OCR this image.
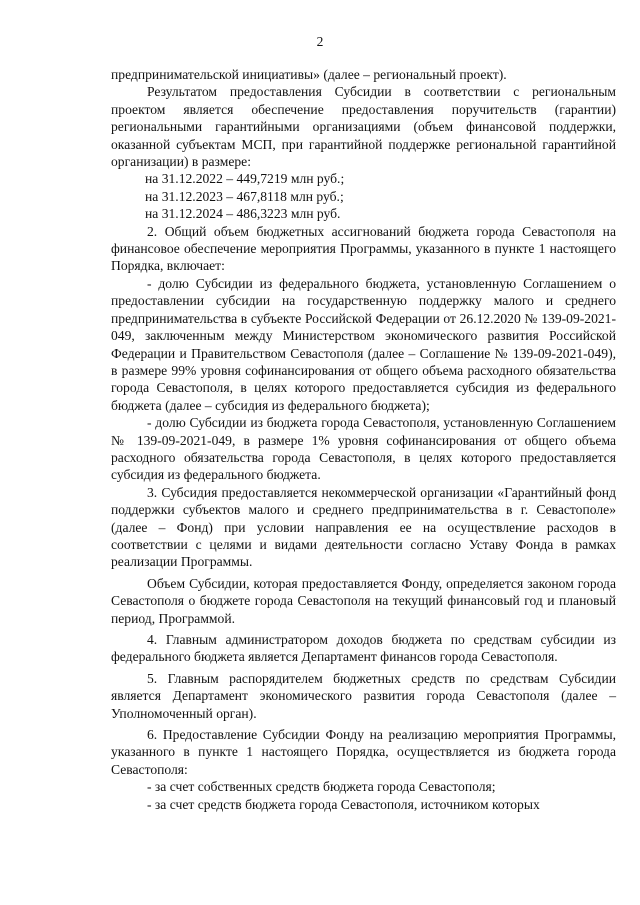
2

предпринимательской инициативы» (далее – региональный проект).

Результатом предоставления Субсидии в соответствии с региональным проектом является обеспечение предоставления поручительств (гарантии) региональными гарантийными организациями (объем финансовой поддержки, оказанной субъектам МСП, при гарантийной поддержке региональной гарантийной организации) в размере:

на 31.12.2022 – 449,7219 млн руб.;

на 31.12.2023 – 467,8118 млн руб.;

на 31.12.2024 – 486,3223 млн руб.

2. Общий объем бюджетных ассигнований бюджета города Севастополя на финансовое обеспечение мероприятия Программы, указанного в пункте 1 настоящего Порядка, включает:

- долю Субсидии из федерального бюджета, установленную Соглашением о предоставлении субсидии на государственную поддержку малого и среднего предпринимательства в субъекте Российской Федерации от 26.12.2020 № 139-09-2021-049, заключенным между Министерством экономического развития Российской Федерации и Правительством Севастополя (далее – Соглашение № 139-09-2021-049), в размере 99% уровня софинансирования от общего объема расходного обязательства города Севастополя, в целях которого предоставляется субсидия из федерального бюджета (далее – субсидия из федерального бюджета);

- долю Субсидии из бюджета города Севастополя, установленную Соглашением № 139-09-2021-049, в размере 1% уровня софинансирования от общего объема расходного обязательства города Севастополя, в целях которого предоставляется субсидия из федерального бюджета.

3. Субсидия предоставляется некоммерческой организации «Гарантийный фонд поддержки субъектов малого и среднего предпринимательства в г. Севастополе» (далее – Фонд) при условии направления ее на осуществление расходов в соответствии с целями и видами деятельности согласно Уставу Фонда в рамках реализации Программы.

Объем Субсидии, которая предоставляется Фонду, определяется законом города Севастополя о бюджете города Севастополя на текущий финансовый год и плановый период, Программой.

4. Главным администратором доходов бюджета по средствам субсидии из федерального бюджета является Департамент финансов города Севастополя.

5. Главным распорядителем бюджетных средств по средствам Субсидии является Департамент экономического развития города Севастополя (далее – Уполномоченный орган).

6. Предоставление Субсидии Фонду на реализацию мероприятия Программы, указанного в пункте 1 настоящего Порядка, осуществляется из бюджета города Севастополя:

- за счет собственных средств бюджета города Севастополя;

- за счет средств бюджета города Севастополя, источником которых
